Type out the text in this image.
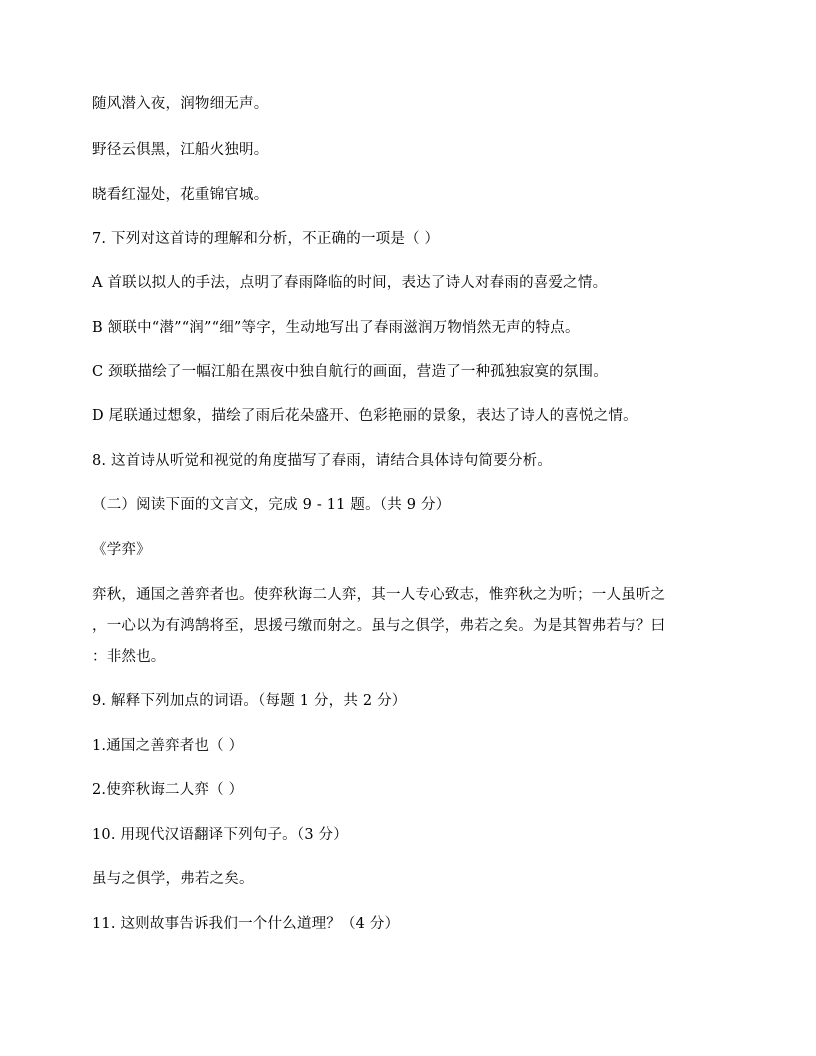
随风潜入夜，润物细无声。
野径云俱黑，江船火独明。
晓看红湿处，花重锦官城。
7. 下列对这首诗的理解和分析，不正确的一项是（ ）
A 首联以拟人的手法，点明了春雨降临的时间，表达了诗人对春雨的喜爱之情。
B 颔联中“潜”“润”“细”等字，生动地写出了春雨滋润万物悄然无声的特点。
C 颈联描绘了一幅江船在黑夜中独自航行的画面，营造了一种孤独寂寞的氛围。
D 尾联通过想象，描绘了雨后花朵盛开、色彩艳丽的景象，表达了诗人的喜悦之情。
8. 这首诗从听觉和视觉的角度描写了春雨，请结合具体诗句简要分析。
（二）阅读下面的文言文，完成 9 - 11 题。（共 9 分）
《学弈》
弈秋，通国之善弈者也。使弈秋诲二人弈，其一人专心致志，惟弈秋之为听；一人虽听之
，一心以为有鸿鹄将至，思援弓缴而射之。虽与之俱学，弗若之矣。为是其智弗若与？曰
：非然也。
9. 解释下列加点的词语。（每题 1 分，共 2 分）
1.通国之善弈者也（ ）
2.使弈秋诲二人弈（ ）
10. 用现代汉语翻译下列句子。（3 分）
虽与之俱学，弗若之矣。
11. 这则故事告诉我们一个什么道理？（4 分）
